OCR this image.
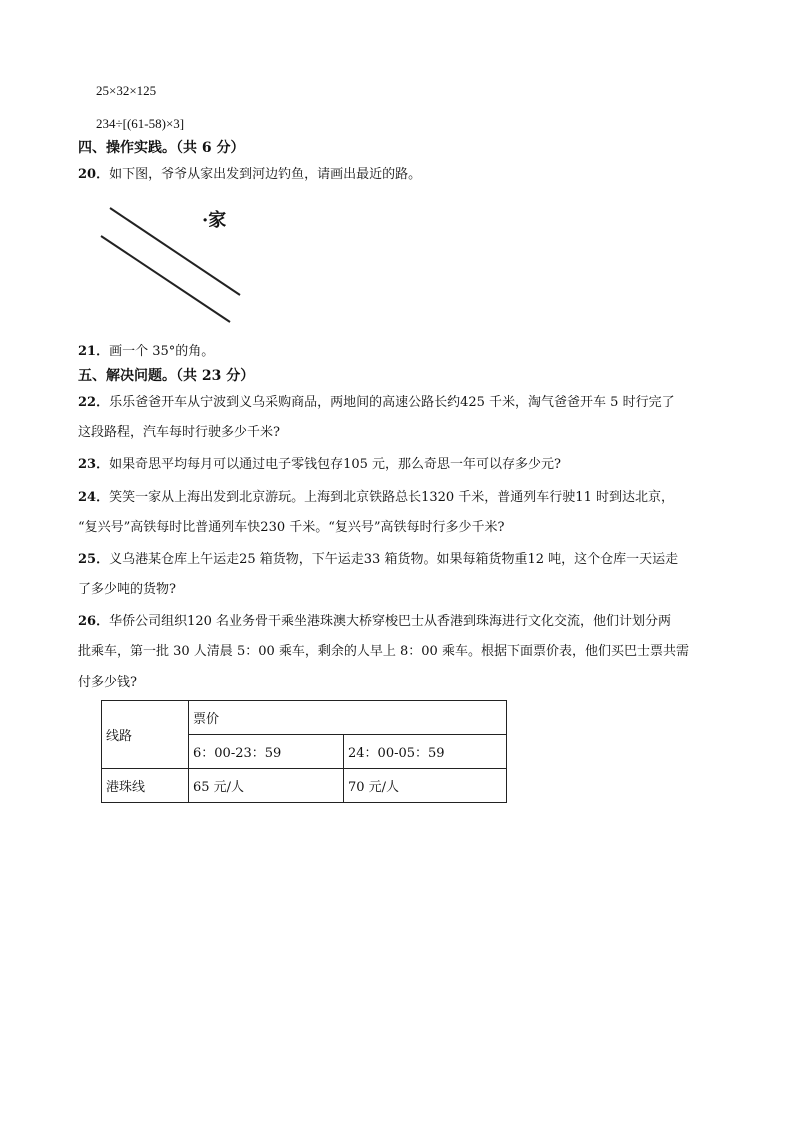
25×32×125
234÷[(61-58)×3]
四、操作实践。（共 6 分）
20．如下图，爷爷从家出发到河边钓鱼，请画出最近的路。
·家
21．画一个 35°的角。
五、解决问题。（共 23 分）
22．乐乐爸爸开车从宁波到义乌采购商品，两地间的高速公路长约425 千米，淘气爸爸开车 5 时行完了
这段路程，汽车每时行驶多少千米?
23．如果奇思平均每月可以通过电子零钱包存105 元，那么奇思一年可以存多少元?
24．笑笑一家从上海出发到北京游玩。上海到北京铁路总长1320 千米，普通列车行驶11 时到达北京，
“复兴号”高铁每时比普通列车快230 千米。“复兴号”高铁每时行多少千米?
25．义乌港某仓库上午运走25 箱货物，下午运走33 箱货物。如果每箱货物重12 吨，这个仓库一天运走
了多少吨的货物?
26．华侨公司组织120 名业务骨干乘坐港珠澳大桥穿梭巴士从香港到珠海进行文化交流，他们计划分两
批乘车，第一批 30 人清晨 5：00 乘车，剩余的人早上 8：00 乘车。根据下面票价表，他们买巴士票共需
付多少钱?
线路	票价	
	6：00-23：59	24：00-05：59
港珠线	65 元/人	70 元/人
